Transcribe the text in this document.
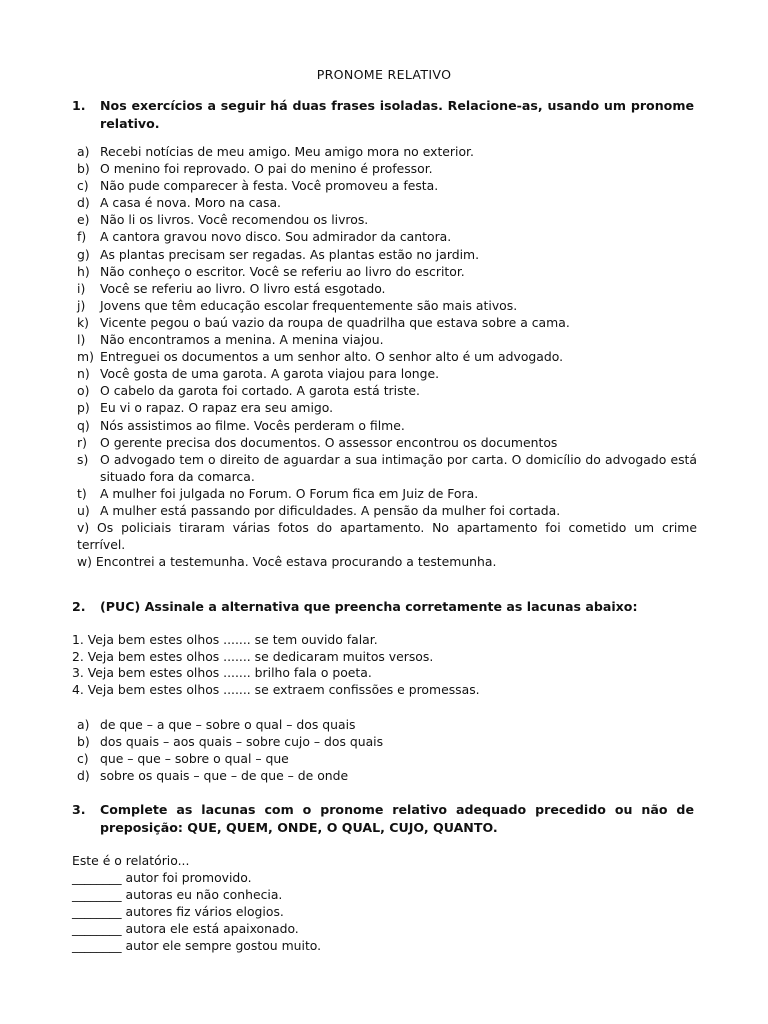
PRONOME RELATIVO
1. Nos exercícios a seguir há duas frases isoladas. Relacione-as, usando um pronome relativo.
a) Recebi notícias de meu amigo. Meu amigo mora no exterior.
b) O menino foi reprovado. O pai do menino é professor.
c) Não pude comparecer à festa. Você promoveu a festa.
d) A casa é nova. Moro na casa.
e) Não li os livros. Você recomendou os livros.
f) A cantora gravou novo disco. Sou admirador da cantora.
g) As plantas precisam ser regadas. As plantas estão no jardim.
h) Não conheço o escritor. Você se referiu ao livro do escritor.
i) Você se referiu ao livro. O livro está esgotado.
j) Jovens que têm educação escolar frequentemente são mais ativos.
k) Vicente pegou o baú vazio da roupa de quadrilha que estava sobre a cama.
l) Não encontramos a menina. A menina viajou.
m) Entreguei os documentos a um senhor alto. O senhor alto é um advogado.
n) Você gosta de uma garota. A garota viajou para longe.
o) O cabelo da garota foi cortado. A garota está triste.
p) Eu vi o rapaz. O rapaz era seu amigo.
q) Nós assistimos ao filme. Vocês perderam o filme.
r) O gerente precisa dos documentos. O assessor encontrou os documentos
s) O advogado tem o direito de aguardar a sua intimação por carta. O domicílio do advogado está situado fora da comarca.
t) A mulher foi julgada no Forum. O Forum fica em Juiz de Fora.
u) A mulher está passando por dificuldades. A pensão da mulher foi cortada.
v) Os policiais tiraram várias fotos do apartamento. No apartamento foi cometido um crime terrível.
w) Encontrei a testemunha. Você estava procurando a testemunha.
2. (PUC) Assinale a alternativa que preencha corretamente as lacunas abaixo:
1. Veja bem estes olhos ....... se tem ouvido falar.
2. Veja bem estes olhos ....... se dedicaram muitos versos.
3. Veja bem estes olhos ....... brilho fala o poeta.
4. Veja bem estes olhos ....... se extraem confissões e promessas.
a) de que – a que – sobre o qual – dos quais
b) dos quais – aos quais – sobre cujo – dos quais
c) que – que – sobre o qual – que
d) sobre os quais – que – de que – de onde
3. Complete as lacunas com o pronome relativo adequado precedido ou não de preposição: QUE, QUEM, ONDE, O QUAL, CUJO, QUANTO.
Este é o relatório...
________ autor foi promovido.
________ autoras eu não conhecia.
________ autores fiz vários elogios.
________ autora ele está apaixonado.
________ autor ele sempre gostou muito.
